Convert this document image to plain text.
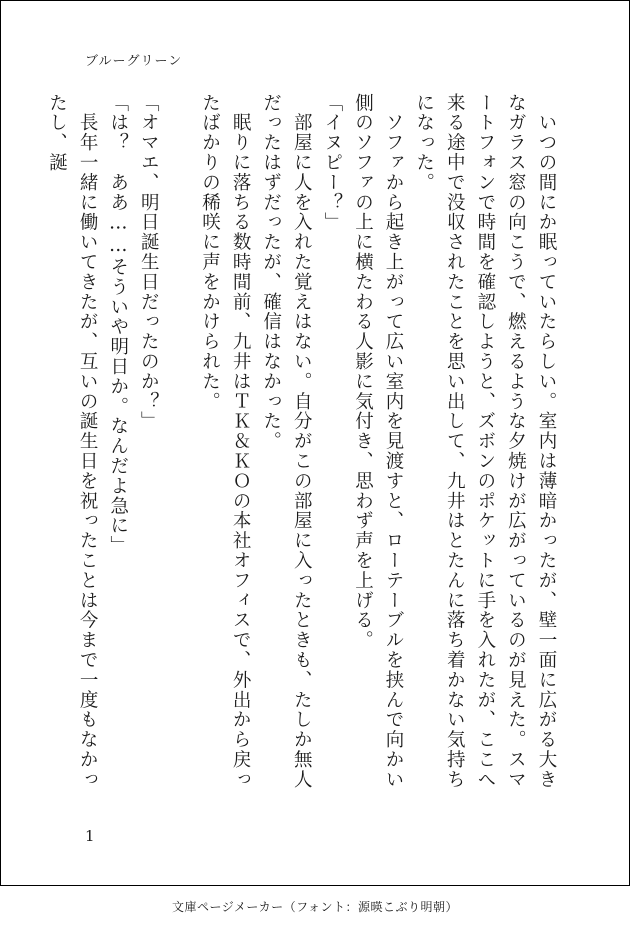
ブルーグリーン

　いつの間にか眠っていたらしい。室内は薄暗かったが、壁一面に広がる大きなガラス窓の向こうで、燃えるような夕焼けが広がっているのが見えた。スマートフォンで時間を確認しようと、ズボンのポケットに手を入れたが、ここへ来る途中で没収されたことを思い出して、九井はとたんに落ち着かない気持ちになった。

　ソファから起き上がって広い室内を見渡すと、ローテーブルを挟んで向かい側のソファの上に横たわる人影に気付き、思わず声を上げる。

「イヌピー？」

　部屋に人を入れた覚えはない。自分がこの部屋に入ったときも、たしか無人だったはずだったが、確信はなかった。

　眠りに落ちる数時間前、九井はＴＫ＆ＫＯの本社オフィスで、外出から戻ったばかりの稀咲に声をかけられた。

「オマエ、明日誕生日だったのか？」

「は？　ああ……そういや明日か。なんだよ急に」

　長年一緒に働いてきたが、互いの誕生日を祝ったことは今まで一度もなかったし、誕

1
文庫ページメーカー（フォント：源暎こぶり明朝）
